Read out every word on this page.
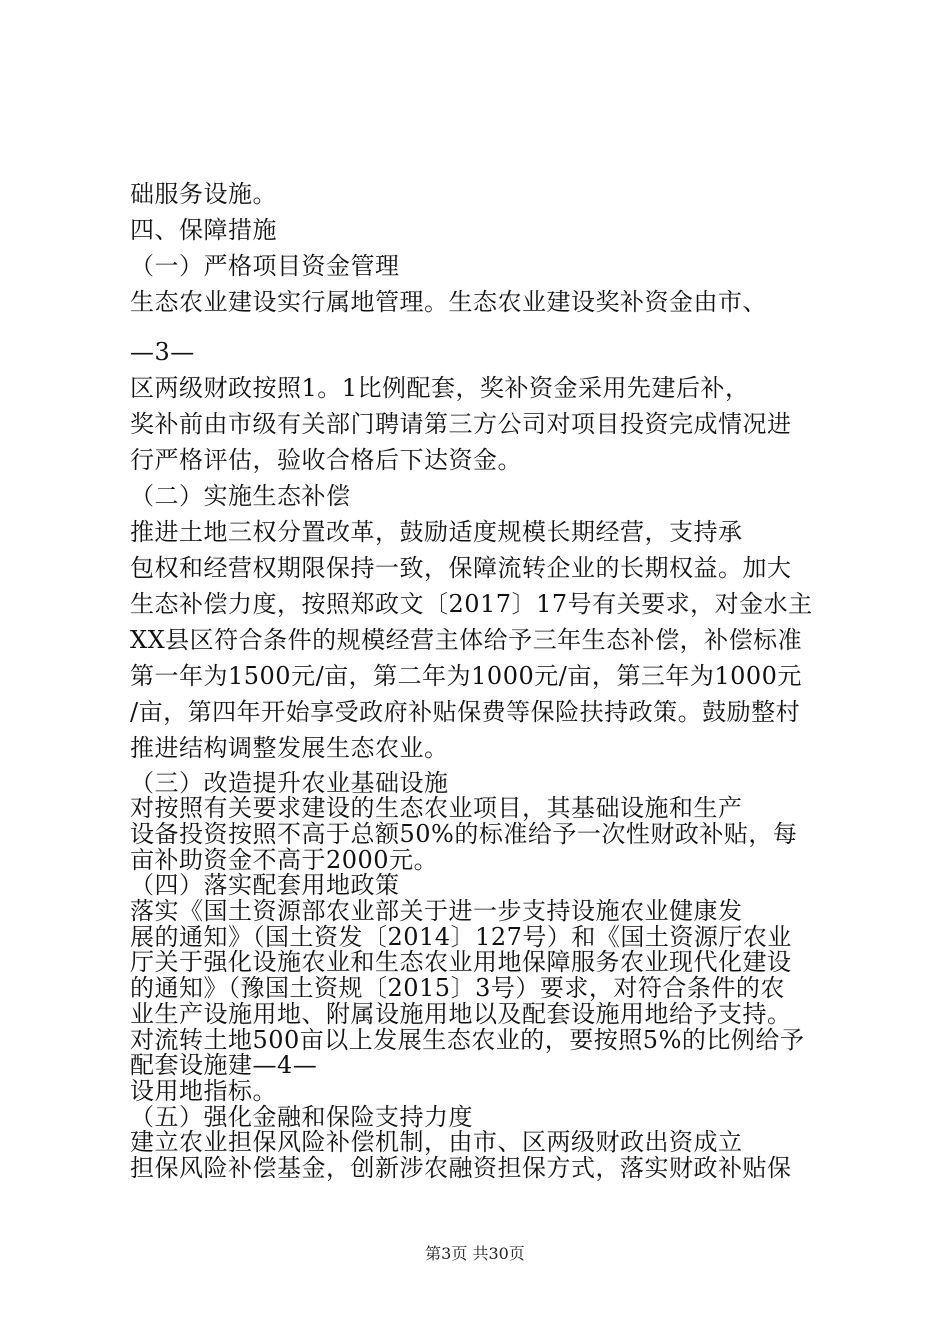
础服务设施。
四、保障措施
（一）严格项目资金管理
生态农业建设实行属地管理。生态农业建设奖补资金由市、
—3—
区两级财政按照1。1比例配套，奖补资金采用先建后补，
奖补前由市级有关部门聘请第三方公司对项目投资完成情况进
行严格评估，验收合格后下达资金。
（二）实施生态补偿
推进土地三权分置改革，鼓励适度规模长期经营，支持承
包权和经营权期限保持一致，保障流转企业的长期权益。加大
生态补偿力度，按照郑政文〔2017〕17号有关要求，对金水主
XX县区符合条件的规模经营主体给予三年生态补偿，补偿标准
第一年为1500元/亩，第二年为1000元/亩，第三年为1000元
/亩，第四年开始享受政府补贴保费等保险扶持政策。鼓励整村
推进结构调整发展生态农业。
（三）改造提升农业基础设施
对按照有关要求建设的生态农业项目，其基础设施和生产
设备投资按照不高于总额50%的标准给予一次性财政补贴，每
亩补助资金不高于2000元。
（四）落实配套用地政策
落实《国土资源部农业部关于进一步支持设施农业健康发
展的通知》（国土资发〔2014〕127号）和《国土资源厅农业
厅关于强化设施农业和生态农业用地保障服务农业现代化建设
的通知》（豫国土资规〔2015〕3号）要求，对符合条件的农
业生产设施用地、附属设施用地以及配套设施用地给予支持。
对流转土地500亩以上发展生态农业的，要按照5%的比例给予
配套设施建—4—
设用地指标。
（五）强化金融和保险支持力度
建立农业担保风险补偿机制，由市、区两级财政出资成立
担保风险补偿基金，创新涉农融资担保方式，落实财政补贴保
第3页 共30页
